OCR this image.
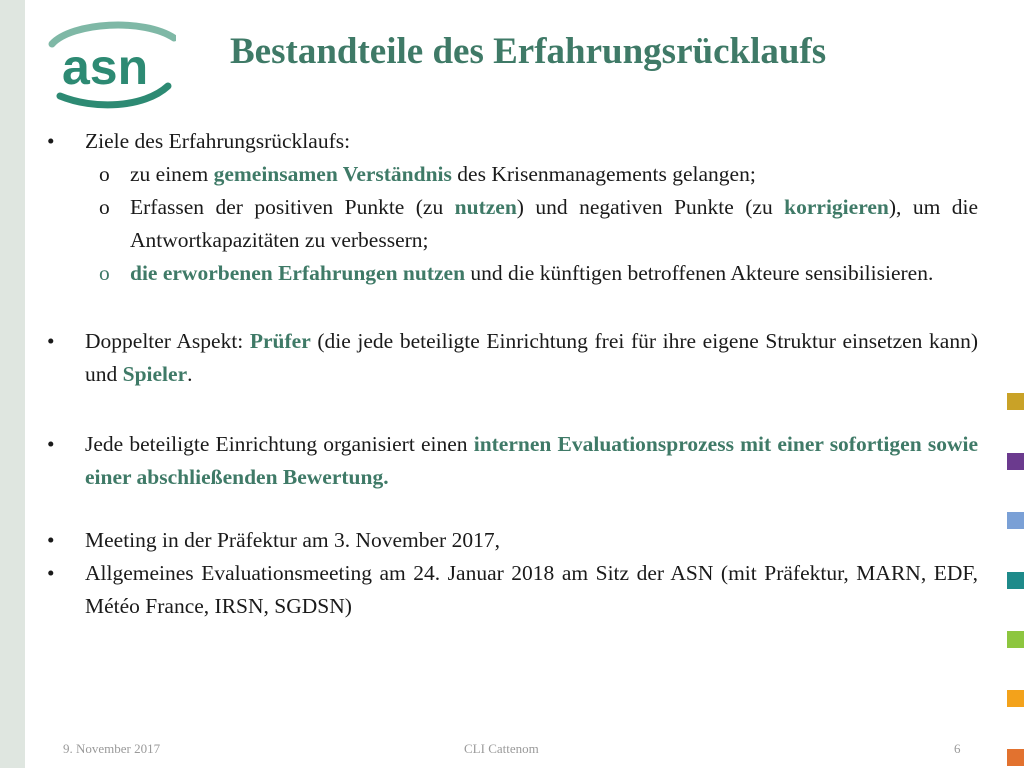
asn Bestandteile des Erfahrungsrücklaufs
• Ziele des Erfahrungsrücklaufs:
o zu einem gemeinsamen Verständnis des Krisenmanagements gelangen;
o Erfassen der positiven Punkte (zu nutzen) und negativen Punkte (zu korrigieren), um die Antwortkapazitäten zu verbessern;
o die erworbenen Erfahrungen nutzen und die künftigen betroffenen Akteure sensibilisieren.
• Doppelter Aspekt: Prüfer (die jede beteiligte Einrichtung frei für ihre eigene Struktur einsetzen kann) und Spieler.
• Jede beteiligte Einrichtung organisiert einen internen Evaluationsprozess mit einer sofortigen sowie einer abschließenden Bewertung.
• Meeting in der Präfektur am 3. November 2017,
• Allgemeines Evaluationsmeeting am 24. Januar 2018 am Sitz der ASN (mit Präfektur, MARN, EDF, Météo France, IRSN, SGDSN)
9. November 2017	CLI Cattenom	6
